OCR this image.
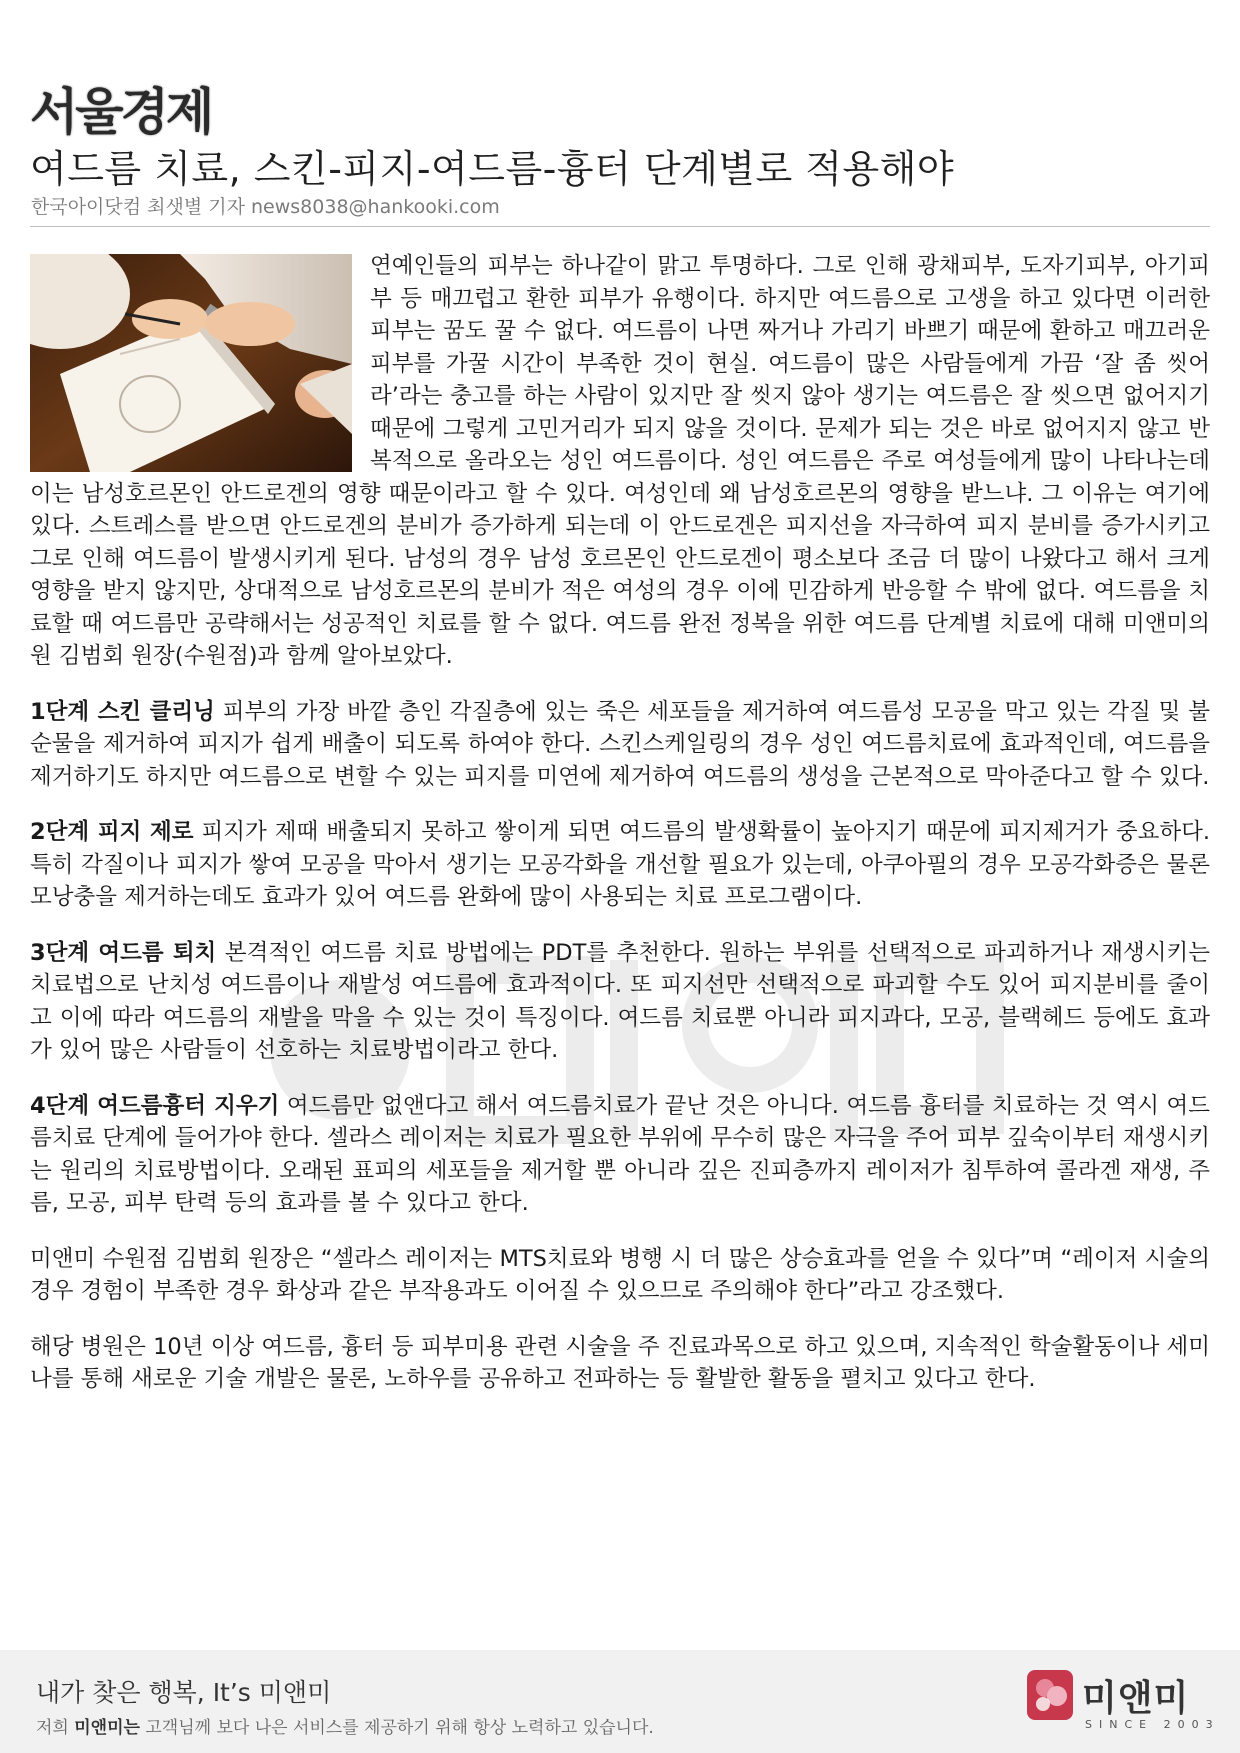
서울경제
여드름 치료, 스킨-피지-여드름-흉터 단계별로 적용해야
한국아이닷컴 최샛별 기자 news8038@hankooki.com

연예인들의 피부는 하나같이 맑고 투명하다. 그로 인해 광채피부, 도자기피부, 아기피부 등 매끄럽고 환한 피부가 유행이다. 하지만 여드름으로 고생을 하고 있다면 이러한 피부는 꿈도 꿀 수 없다. 여드름이 나면 짜거나 가리기 바쁘기 때문에 환하고 매끄러운 피부를 가꿀 시간이 부족한 것이 현실. 여드름이 많은 사람들에게 가끔 ‘잘 좀 씻어라’라는 충고를 하는 사람이 있지만 잘 씻지 않아 생기는 여드름은 잘 씻으면 없어지기 때문에 그렇게 고민거리가 되지 않을 것이다. 문제가 되는 것은 바로 없어지지 않고 반복적으로 올라오는 성인 여드름이다. 성인 여드름은 주로 여성들에게 많이 나타나는데 이는 남성호르몬인 안드로겐의 영향 때문이라고 할 수 있다. 여성인데 왜 남성호르몬의 영향을 받느냐. 그 이유는 여기에 있다. 스트레스를 받으면 안드로겐의 분비가 증가하게 되는데 이 안드로겐은 피지선을 자극하여 피지 분비를 증가시키고 그로 인해 여드름이 발생시키게 된다. 남성의 경우 남성 호르몬인 안드로겐이 평소보다 조금 더 많이 나왔다고 해서 크게 영향을 받지 않지만, 상대적으로 남성호르몬의 분비가 적은 여성의 경우 이에 민감하게 반응할 수 밖에 없다. 여드름을 치료할 때 여드름만 공략해서는 성공적인 치료를 할 수 없다. 여드름 완전 정복을 위한 여드름 단계별 치료에 대해 미앤미의원 김범회 원장(수원점)과 함께 알아보았다.

1단계 스킨 클리닝 피부의 가장 바깥 층인 각질층에 있는 죽은 세포들을 제거하여 여드름성 모공을 막고 있는 각질 및 불순물을 제거하여 피지가 쉽게 배출이 되도록 하여야 한다. 스킨스케일링의 경우 성인 여드름치료에 효과적인데, 여드름을 제거하기도 하지만 여드름으로 변할 수 있는 피지를 미연에 제거하여 여드름의 생성을 근본적으로 막아준다고 할 수 있다.

2단계 피지 제로 피지가 제때 배출되지 못하고 쌓이게 되면 여드름의 발생확률이 높아지기 때문에 피지제거가 중요하다. 특히 각질이나 피지가 쌓여 모공을 막아서 생기는 모공각화을 개선할 필요가 있는데, 아쿠아필의 경우 모공각화증은 물론 모낭충을 제거하는데도 효과가 있어 여드름 완화에 많이 사용되는 치료 프로그램이다.

3단계 여드름 퇴치 본격적인 여드름 치료 방법에는 PDT를 추천한다. 원하는 부위를 선택적으로 파괴하거나 재생시키는 치료법으로 난치성 여드름이나 재발성 여드름에 효과적이다. 또 피지선만 선택적으로 파괴할 수도 있어 피지분비를 줄이고 이에 따라 여드름의 재발을 막을 수 있는 것이 특징이다. 여드름 치료뿐 아니라 피지과다, 모공, 블랙헤드 등에도 효과가 있어 많은 사람들이 선호하는 치료방법이라고 한다.

4단계 여드름흉터 지우기 여드름만 없앤다고 해서 여드름치료가 끝난 것은 아니다. 여드름 흉터를 치료하는 것 역시 여드름치료 단계에 들어가야 한다. 셀라스 레이저는 치료가 필요한 부위에 무수히 많은 자극을 주어 피부 깊숙이부터 재생시키는 원리의 치료방법이다. 오래된 표피의 세포들을 제거할 뿐 아니라 깊은 진피층까지 레이저가 침투하여 콜라겐 재생, 주름, 모공, 피부 탄력 등의 효과를 볼 수 있다고 한다.

미앤미 수원점 김범회 원장은 “셀라스 레이저는 MTS치료와 병행 시 더 많은 상승효과를 얻을 수 있다”며 “레이저 시술의 경우 경험이 부족한 경우 화상과 같은 부작용과도 이어질 수 있으므로 주의해야 한다”라고 강조했다.

해당 병원은 10년 이상 여드름, 흉터 등 피부미용 관련 시술을 주 진료과목으로 하고 있으며, 지속적인 학술활동이나 세미나를 통해 새로운 기술 개발은 물론, 노하우를 공유하고 전파하는 등 활발한 활동을 펼치고 있다고 한다.

내가 찾은 행복, It’s 미앤미
저희 미앤미는 고객님께 보다 나은 서비스를 제공하기 위해 항상 노력하고 있습니다.
미앤미
SINCE 2003
